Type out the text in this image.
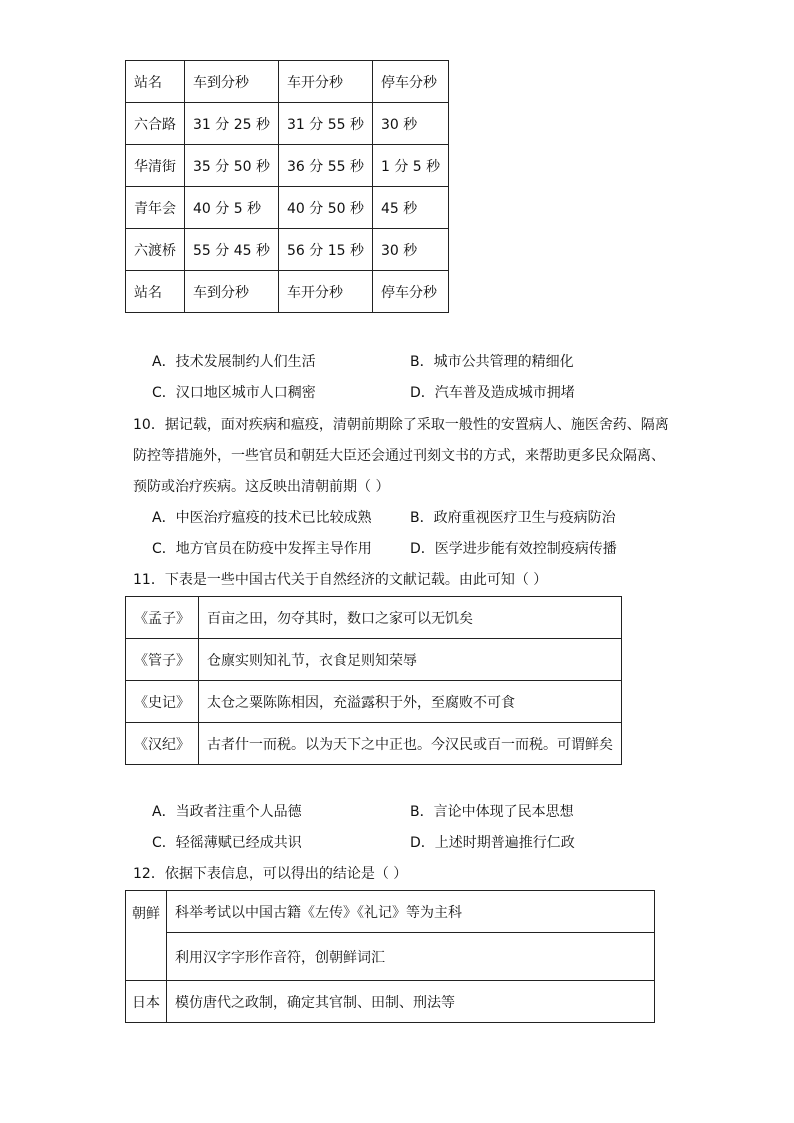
站名	车到分秒	车开分秒	停车分秒
六合路	31 分 25 秒	31 分 55 秒	30 秒
华清街	35 分 50 秒	36 分 55 秒	1 分 5 秒
青年会	40 分 5 秒	40 分 50 秒	45 秒
六渡桥	55 分 45 秒	56 分 15 秒	30 秒
站名	车到分秒	车开分秒	停车分秒
A．技术发展制约人们生活	B．城市公共管理的精细化
C．汉口地区城市人口稠密	D．汽车普及造成城市拥堵
10．据记载，面对疾病和瘟疫，清朝前期除了采取一般性的安置病人、施医舍药、隔离
防控等措施外，一些官员和朝廷大臣还会通过刊刻文书的方式，来帮助更多民众隔离、
预防或治疗疾病。这反映出清朝前期（ ）
A．中医治疗瘟疫的技术已比较成熟	B．政府重视医疗卫生与疫病防治
C．地方官员在防疫中发挥主导作用	D．医学进步能有效控制疫病传播
11．下表是一些中国古代关于自然经济的文献记载。由此可知（ ）
《孟子》	百亩之田，勿夺其时，数口之家可以无饥矣
《管子》	仓廪实则知礼节，衣食足则知荣辱
《史记》	太仓之粟陈陈相因，充溢露积于外，至腐败不可食
《汉纪》	古者什一而税。以为天下之中正也。今汉民或百一而税。可谓鲜矣
A．当政者注重个人品德	B．言论中体现了民本思想
C．轻徭薄赋已经成共识	D．上述时期普遍推行仁政
12．依据下表信息，可以得出的结论是（ ）
朝鲜	科举考试以中国古籍《左传》《礼记》等为主科
	利用汉字字形作音符，创朝鲜词汇
日本	模仿唐代之政制，确定其官制、田制、刑法等
